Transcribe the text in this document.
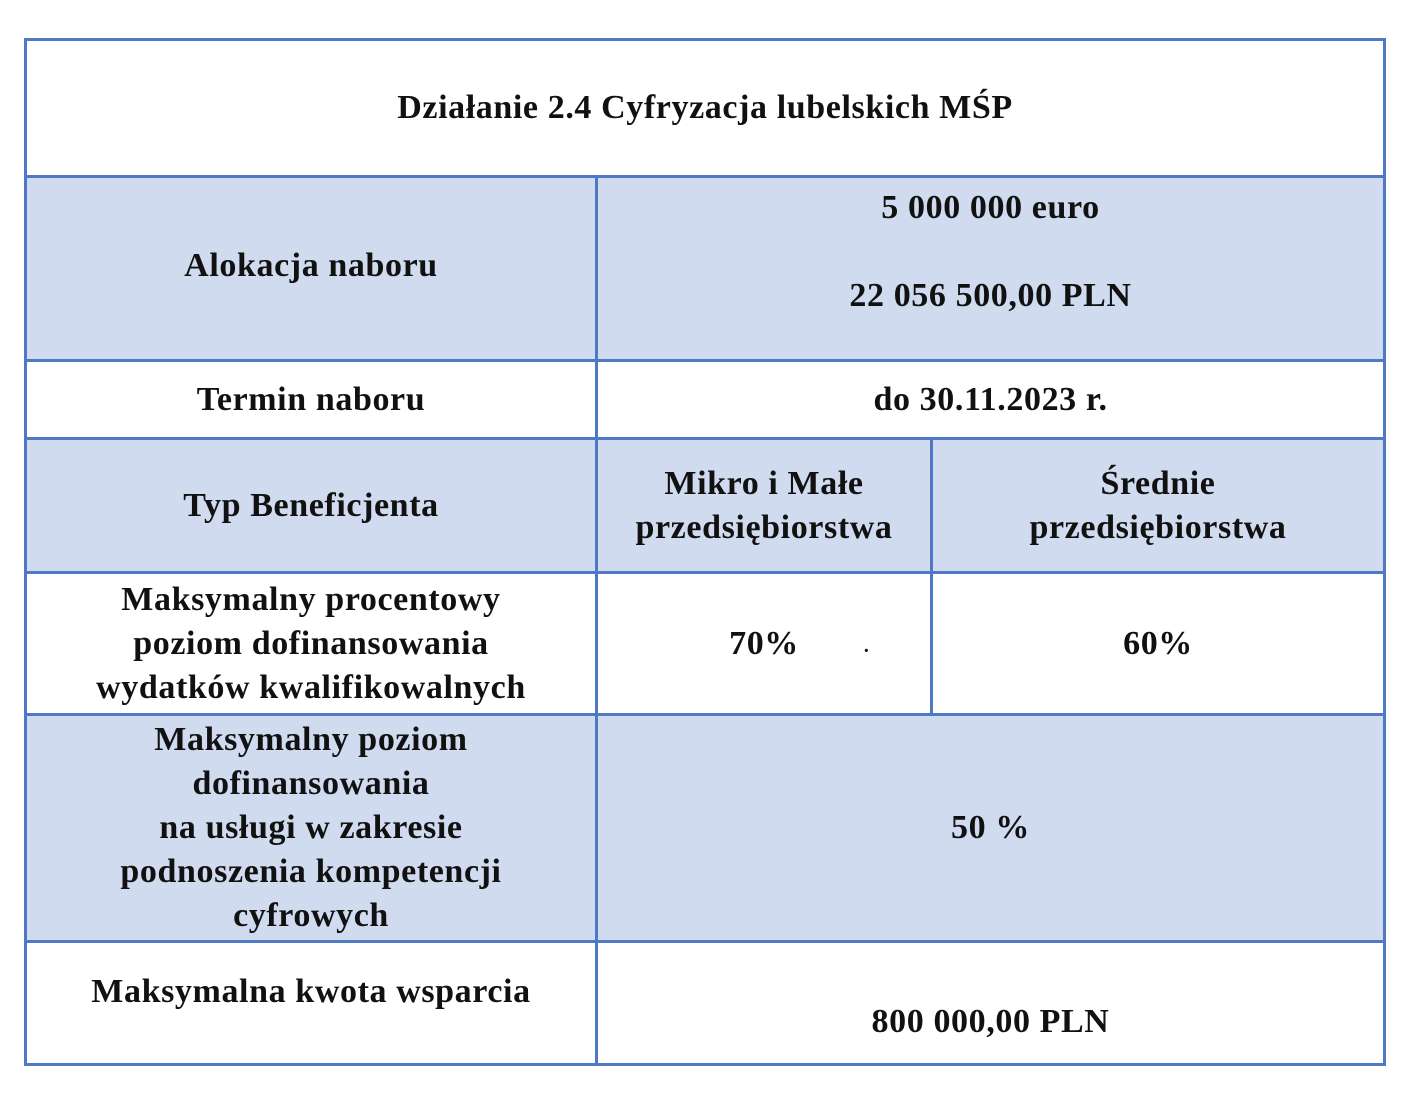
Działanie 2.4 Cyfryzacja lubelskich MŚP
Alokacja naboru
5 000 000 euro
22 056 500,00 PLN
Termin naboru	do 30.11.2023 r.
Typ Beneficjenta
Mikro i Małe
przedsiębiorstwa
Średnie
przedsiębiorstwa
Maksymalny procentowy
poziom dofinansowania
wydatków kwalifikowalnych
70%	60%
Maksymalny poziom
dofinansowania
na usługi w zakresie
podnoszenia kompetencji
cyfrowych
50 %
Maksymalna kwota wsparcia
800 000,00 PLN
·
